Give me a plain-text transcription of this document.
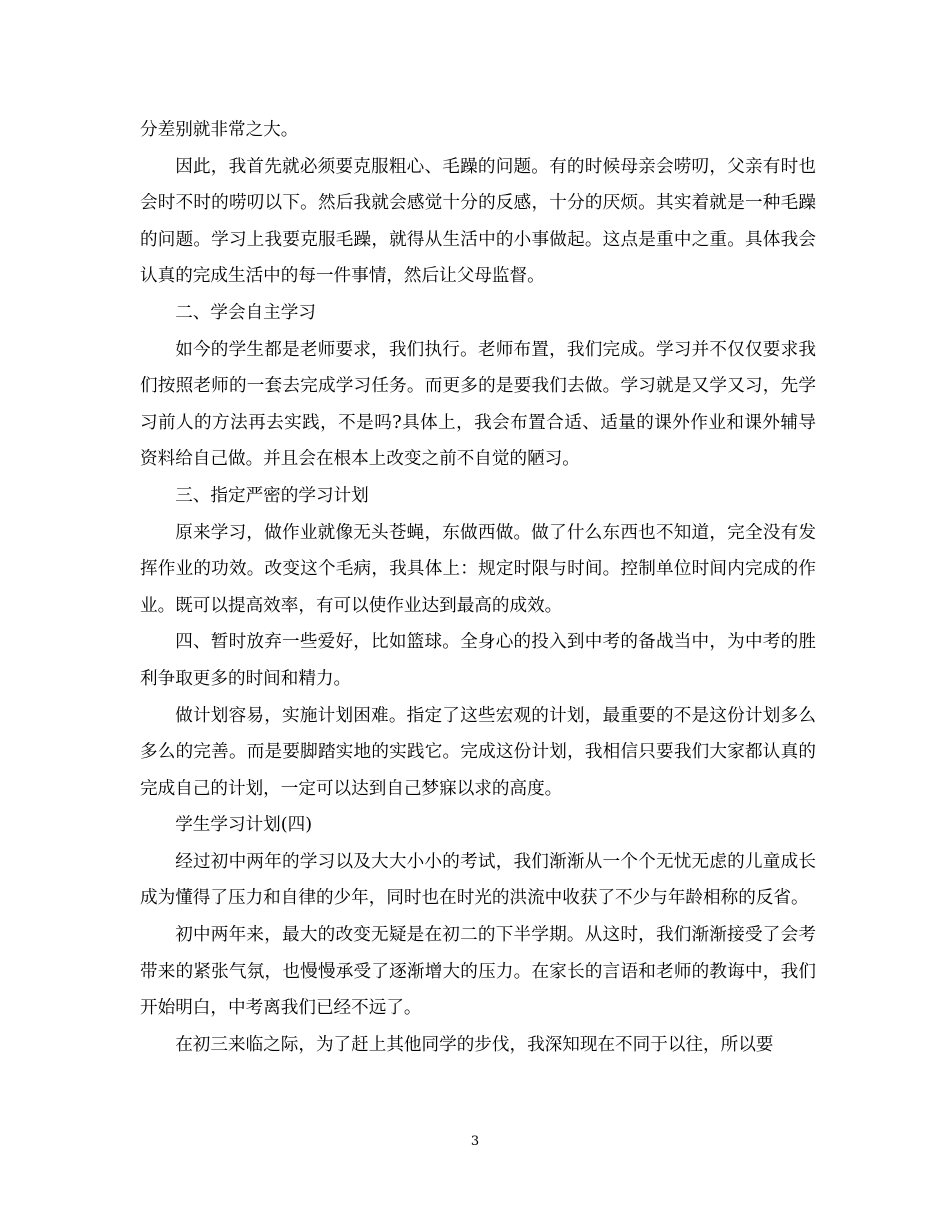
分差别就非常之大。

因此，我首先就必须要克服粗心、毛躁的问题。有的时候母亲会唠叨，父亲有时也会时不时的唠叨以下。然后我就会感觉十分的反感，十分的厌烦。其实着就是一种毛躁的问题。学习上我要克服毛躁，就得从生活中的小事做起。这点是重中之重。具体我会认真的完成生活中的每一件事情，然后让父母监督。

二、学会自主学习

如今的学生都是老师要求，我们执行。老师布置，我们完成。学习并不仅仅要求我们按照老师的一套去完成学习任务。而更多的是要我们去做。学习就是又学又习，先学习前人的方法再去实践，不是吗?具体上，我会布置合适、适量的课外作业和课外辅导资料给自己做。并且会在根本上改变之前不自觉的陋习。

三、指定严密的学习计划

原来学习，做作业就像无头苍蝇，东做西做。做了什么东西也不知道，完全没有发挥作业的功效。改变这个毛病，我具体上：规定时限与时间。控制单位时间内完成的作业。既可以提高效率，有可以使作业达到最高的成效。

四、暂时放弃一些爱好，比如篮球。全身心的投入到中考的备战当中，为中考的胜利争取更多的时间和精力。

做计划容易，实施计划困难。指定了这些宏观的计划，最重要的不是这份计划多么多么的完善。而是要脚踏实地的实践它。完成这份计划，我相信只要我们大家都认真的完成自己的计划，一定可以达到自己梦寐以求的高度。

学生学习计划(四)

经过初中两年的学习以及大大小小的考试，我们渐渐从一个个无忧无虑的儿童成长成为懂得了压力和自律的少年，同时也在时光的洪流中收获了不少与年龄相称的反省。

初中两年来，最大的改变无疑是在初二的下半学期。从这时，我们渐渐接受了会考带来的紧张气氛，也慢慢承受了逐渐增大的压力。在家长的言语和老师的教诲中，我们开始明白，中考离我们已经不远了。

在初三来临之际，为了赶上其他同学的步伐，我深知现在不同于以往，所以要

3
